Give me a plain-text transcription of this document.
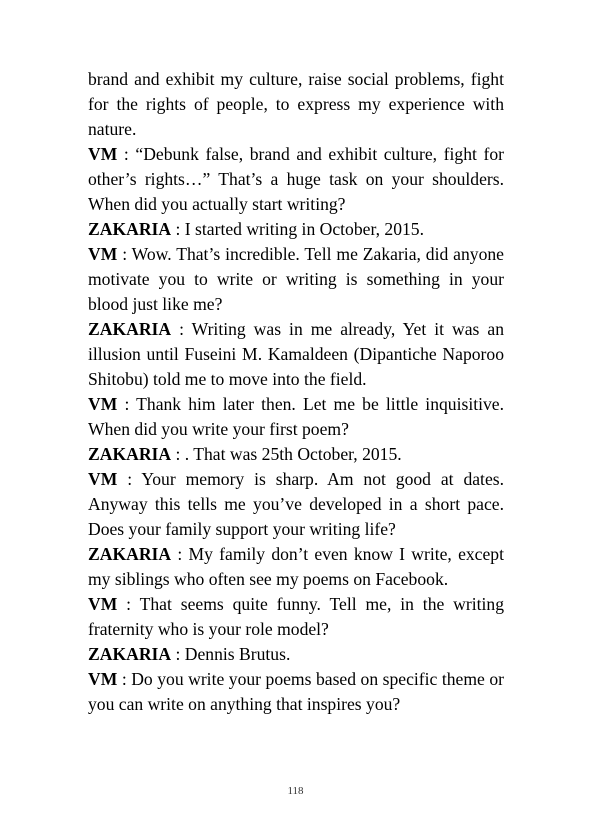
brand and exhibit my culture, raise social problems, fight for the rights of people, to express my experience with nature.

VM : “Debunk false, brand and exhibit culture, fight for other’s rights…” That’s a huge task on your shoulders. When did you actually start writing?

ZAKARIA : I started writing in October, 2015.

VM : Wow. That’s incredible. Tell me Zakaria, did anyone motivate you to write or writing is something in your blood just like me?

ZAKARIA : Writing was in me already, Yet it was an illusion until Fuseini M. Kamaldeen (Dipantiche Naporoo Shitobu) told me to move into the field.

VM : Thank him later then. Let me be little inquisitive. When did you write your first poem?

ZAKARIA : . That was 25th October, 2015.

VM : Your memory is sharp. Am not good at dates. Anyway this tells me you’ve developed in a short pace. Does your family support your writing life?

ZAKARIA : My family don’t even know I write, except my siblings who often see my poems on Facebook.

VM : That seems quite funny. Tell me, in the writing fraternity who is your role model?

ZAKARIA : Dennis Brutus.

VM : Do you write your poems based on specific theme or you can write on anything that inspires you?

118
